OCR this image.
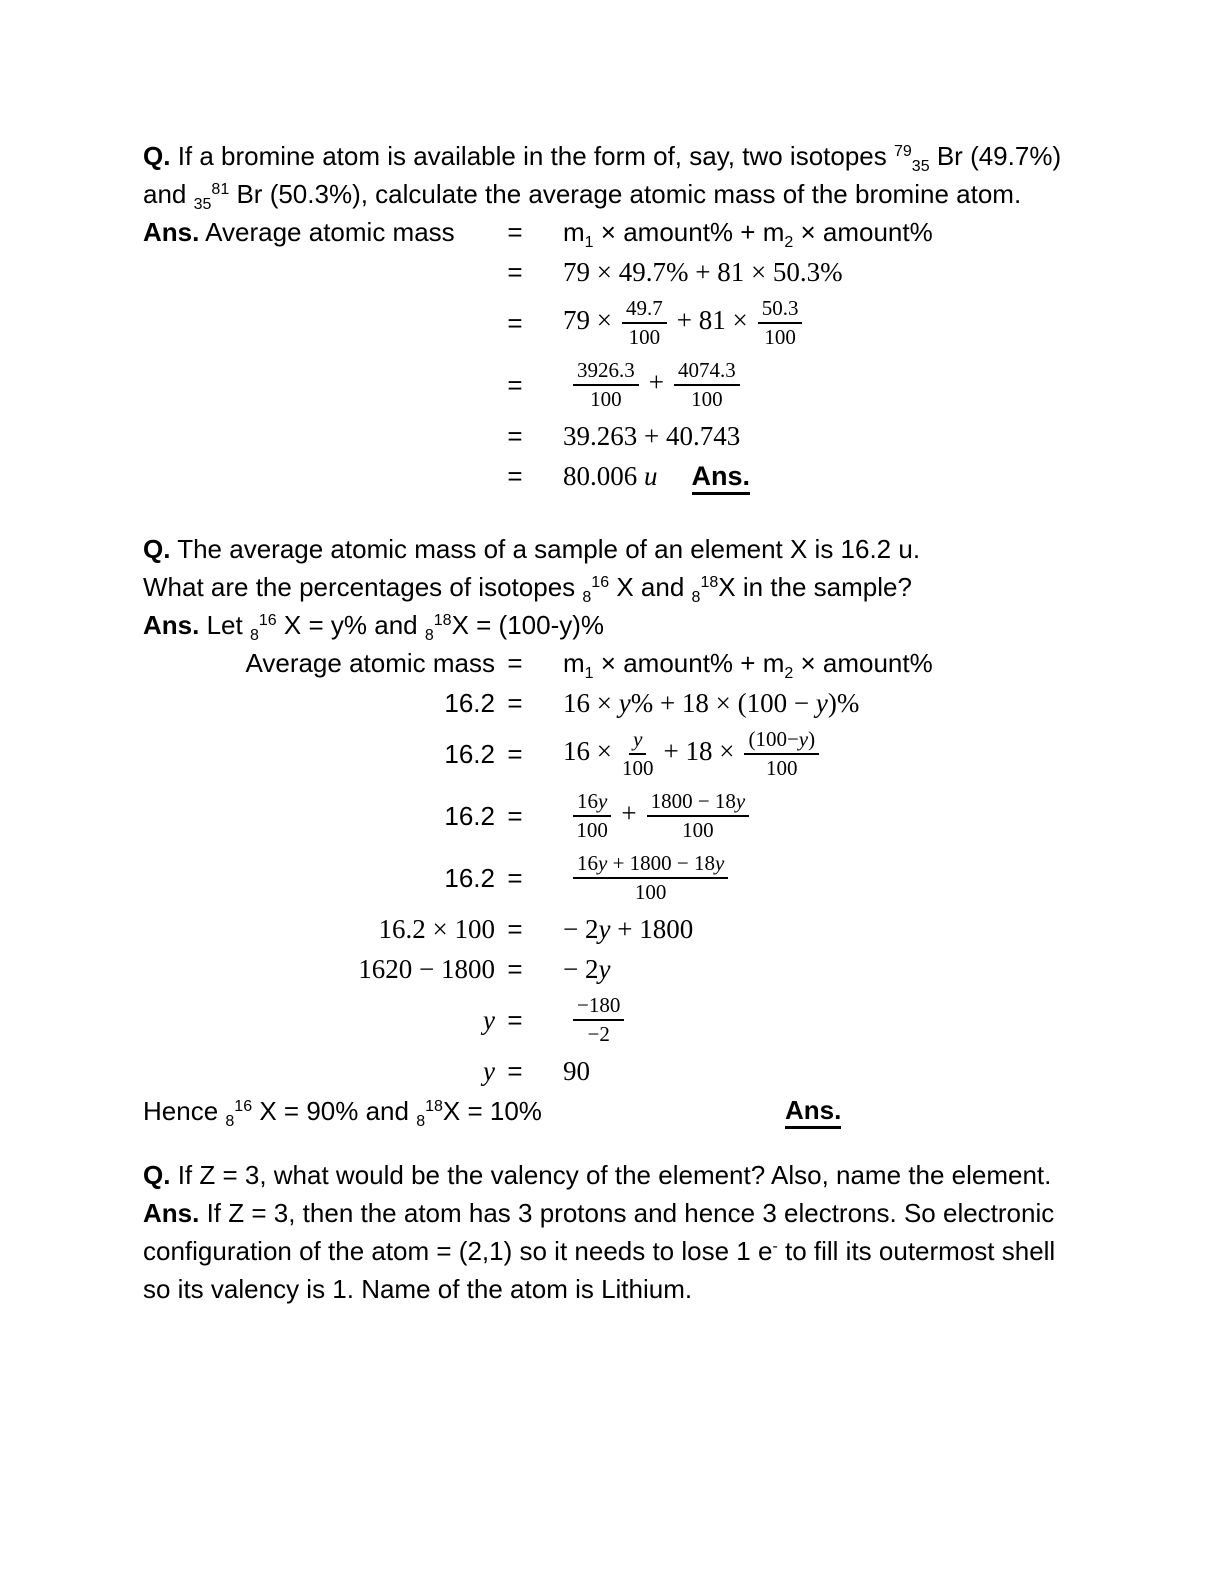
Q. If a bromine atom is available in the form of, say, two isotopes $^{79}_{35}$ Br (49.7%) and $_{35}^{81}$ Br (50.3%), calculate the average atomic mass of the bromine atom.

Ans. Average atomic mass	=	$m_1$ × amount% + $m_2$ × amount%
=	79 × 49.7% + 81 × 50.3%
=	$79 \times \frac{49.7}{100} + 81 \times \frac{50.3}{100}$
=	$\frac{3926.3}{100} + \frac{4074.3}{100}$
=	39.263 + 40.743
=	80.006 u Ans.
Q. The average atomic mass of a sample of an element X is 16.2 u.
What are the percentages of isotopes $_8^{16}$ X and $_8^{18}$X in the sample?
Ans. Let $_8^{16}$ X = y% and $_8^{18}$X = (100-y)%
Average atomic mass =	$m_1$ × amount% + $m_2$ × amount%
16.2 =	16 × y% + 18 × (100 − y)%
16.2 =	$16 \times \frac{y}{100} + 18 \times \frac{(100-y)}{100}$
16.2 =	$\frac{16y}{100} + \frac{1800 - 18y}{100}$
16.2 =	$\frac{16y + 1800 - 18y}{100}$
16.2 × 100 =	− 2y + 1800
1620 − 1800 =	− 2y
y =	$\frac{-180}{-2}$
y =	90
Hence $_8^{16}$ X = 90% and $_8^{18}$X = 10%	Ans.

Q. If Z = 3, what would be the valency of the element? Also, name the element.

Ans. If Z = 3, then the atom has 3 protons and hence 3 electrons. So electronic configuration of the atom = (2,1) so it needs to lose 1 e- to fill its outermost shell so its valency is 1. Name of the atom is Lithium.
